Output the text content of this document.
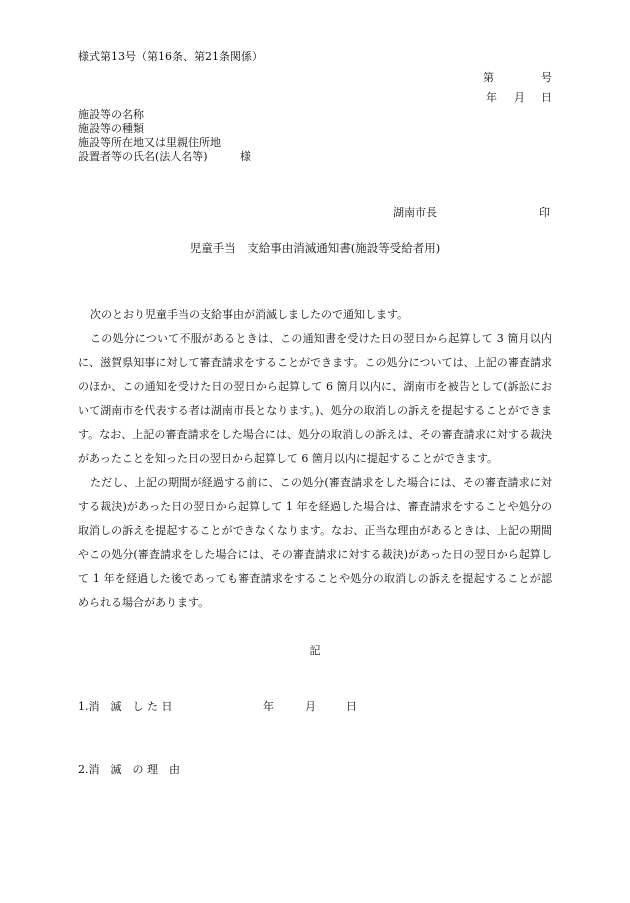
様式第13号（第16条、第21条関係）
第	号
年 月 日
施設等の名称
施設等の種類
施設等所在地又は里親住所地
設置者等の氏名(法人名等)	様
湖南市長	印
児童手当　支給事由消滅通知書(施設等受給者用)
次のとおり児童手当の支給事由が消滅しましたので通知します。
この処分について不服があるときは、この通知書を受けた日の翌日から起算して 3 箇月以内に、滋賀県知事に対して審査請求をすることができます。この処分については、上記の審査請求のほか、この通知を受けた日の翌日から起算して 6 箇月以内に、湖南市を被告として(訴訟において湖南市を代表する者は湖南市長となります。)、処分の取消しの訴えを提起することができます。なお、上記の審査請求をした場合には、処分の取消しの訴えは、その審査請求に対する裁決があったことを知った日の翌日から起算して 6 箇月以内に提起することができます。
ただし、上記の期間が経過する前に、この処分(審査請求をした場合には、その審査請求に対する裁決)があった日の翌日から起算して 1 年を経過した場合は、審査請求をすることや処分の取消しの訴えを提起することができなくなります。なお、正当な理由があるときは、上記の期間やこの処分(審査請求をした場合には、その審査請求に対する裁決)があった日の翌日から起算して 1 年を経過した後であっても審査請求をすることや処分の取消しの訴えを提起することが認められる場合があります。
記
1.消　滅　し た 日	年	月	日
2.消　滅　の 理　由
